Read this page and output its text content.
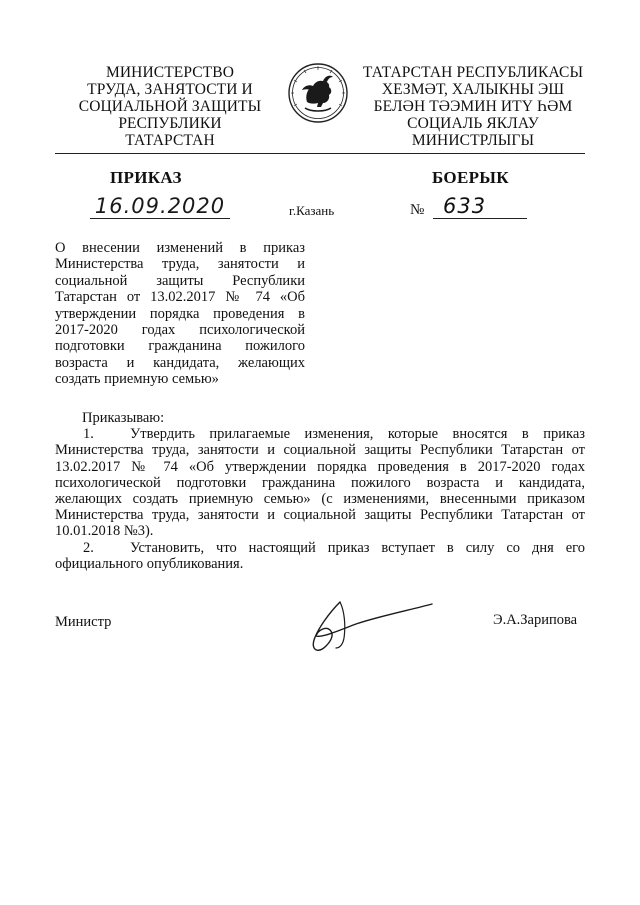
МИНИСТЕРСТВО
ТРУДА, ЗАНЯТОСТИ И
СОЦИАЛЬНОЙ ЗАЩИТЫ
РЕСПУБЛИКИ
ТАТАРСТАН
ТАТАРСТАН РЕСПУБЛИКАСЫ
ХЕЗМӘТ, ХАЛЫКНЫ ЭШ
БЕЛӘН ТӘЭМИН ИТҮ ҺӘМ
СОЦИАЛЬ ЯКЛАУ
МИНИСТРЛЫГЫ
ПРИКАЗ	БОЕРЫК
16.09.2020	г.Казань	№ 633
О внесении изменений в приказ
Министерства труда, занятости и
социальной защиты Республики
Татарстан от 13.02.2017 № 74 «Об
утверждении порядка проведения в
2017-2020 годах психологической
подготовки гражданина пожилого
возраста и кандидата, желающих
создать приемную семью»
Приказываю:
1. Утвердить прилагаемые изменения, которые вносятся в приказ
Министерства труда, занятости и социальной защиты Республики Татарстан от
13.02.2017 № 74 «Об утверждении порядка проведения в 2017-2020 годах
психологической подготовки гражданина пожилого возраста и кандидата,
желающих создать приемную семью» (с изменениями, внесенными приказом
Министерства труда, занятости и социальной защиты Республики Татарстан от
10.01.2018 №3).
2. Установить, что настоящий приказ вступает в силу со дня его
официального опубликования.
Министр	Э.А.Зарипова
